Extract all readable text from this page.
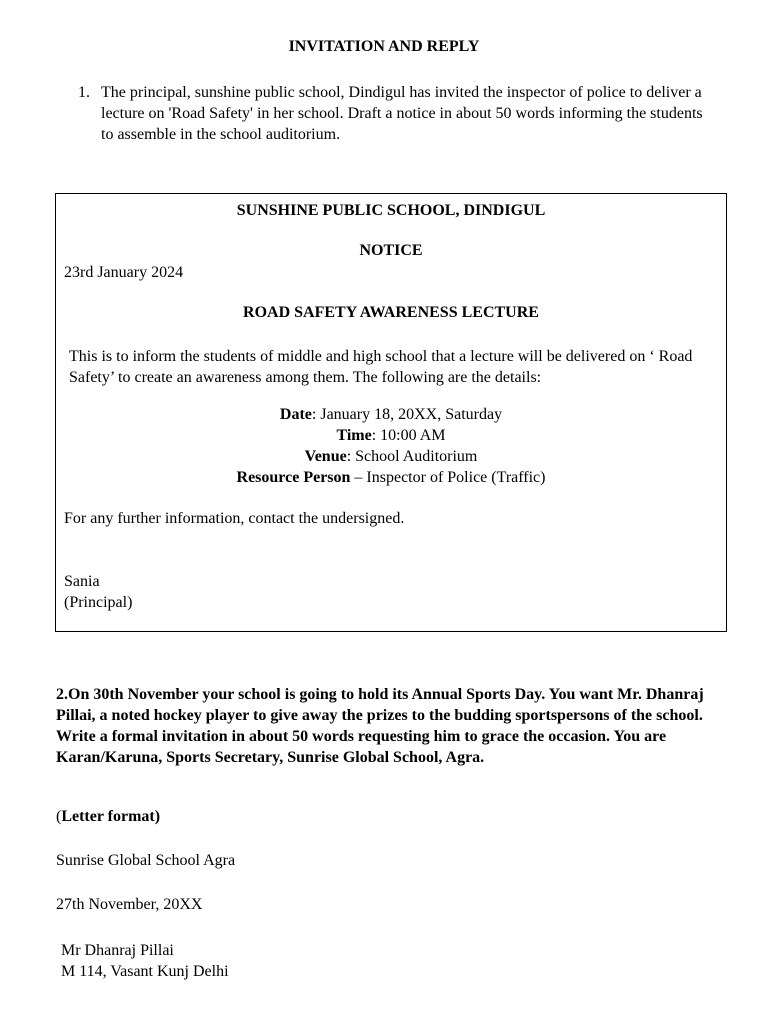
INVITATION AND REPLY
1. The principal, sunshine public school, Dindigul has invited the inspector of police to deliver a lecture on 'Road Safety' in her school. Draft a notice in about 50 words informing the students to assemble in the school auditorium.
SUNSHINE PUBLIC SCHOOL, DINDIGUL
NOTICE
23rd January 2024
ROAD SAFETY AWARENESS LECTURE
This is to inform the students of middle and high school that a lecture will be delivered on ‘ Road Safety’ to create an awareness among them. The following are the details:
Date: January 18, 20XX, Saturday
Time: 10:00 AM
Venue: School Auditorium
Resource Person – Inspector of Police (Traffic)
For any further information, contact the undersigned.
Sania
(Principal)
2.On 30th November your school is going to hold its Annual Sports Day. You want Mr. Dhanraj Pillai, a noted hockey player to give away the prizes to the budding sportspersons of the school. Write a formal invitation in about 50 words requesting him to grace the occasion. You are Karan/Karuna, Sports Secretary, Sunrise Global School, Agra.
(Letter format)
Sunrise Global School Agra
27th November, 20XX
Mr Dhanraj Pillai
M 114, Vasant Kunj Delhi
